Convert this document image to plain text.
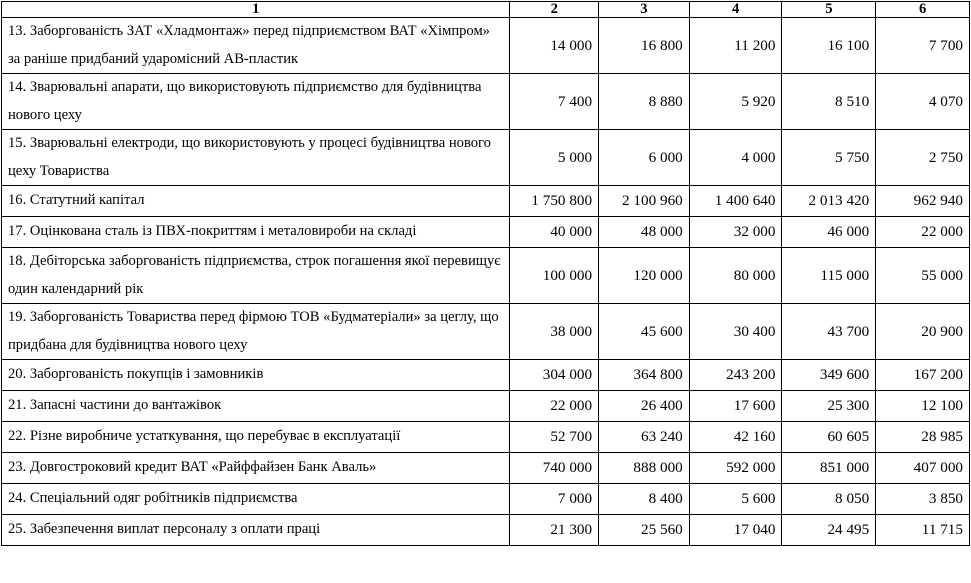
1	2	3	4	5	6
13. Заборгованість ЗАТ «Хладмонтаж» перед підприємством ВАТ «Хімпром» за раніше придбаний ударомісний АВ-пластик	14 000	16 800	11 200	16 100	7 700
14. Зварювальні апарати, що використовують підприємство для будівництва нового цеху	7 400	8 880	5 920	8 510	4 070
15. Зварювальні електроди, що використовують у процесі будівництва нового цеху Товариства	5 000	6 000	4 000	5 750	2 750
16. Статутний капітал	1 750 800	2 100 960	1 400 640	2 013 420	962 940
17. Оцінкована сталь із ПВХ-покриттям і металовироби на складі	40 000	48 000	32 000	46 000	22 000
18. Дебіторська заборгованість підприємства, строк погашення якої перевищує один календарний рік	100 000	120 000	80 000	115 000	55 000
19. Заборгованість Товариства перед фірмою ТОВ «Будматеріали» за цеглу, що придбана для будівництва нового цеху	38 000	45 600	30 400	43 700	20 900
20. Заборгованість покупців і замовників	304 000	364 800	243 200	349 600	167 200
21. Запасні частини до вантажівок	22 000	26 400	17 600	25 300	12 100
22. Різне виробниче устаткування, що перебуває в експлуатації	52 700	63 240	42 160	60 605	28 985
23. Довгостроковий кредит ВАТ «Райффайзен Банк Аваль»	740 000	888 000	592 000	851 000	407 000
24. Спеціальний одяг робітників підприємства	7 000	8 400	5 600	8 050	3 850
25. Забезпечення виплат персоналу з оплати праці	21 300	25 560	17 040	24 495	11 715
